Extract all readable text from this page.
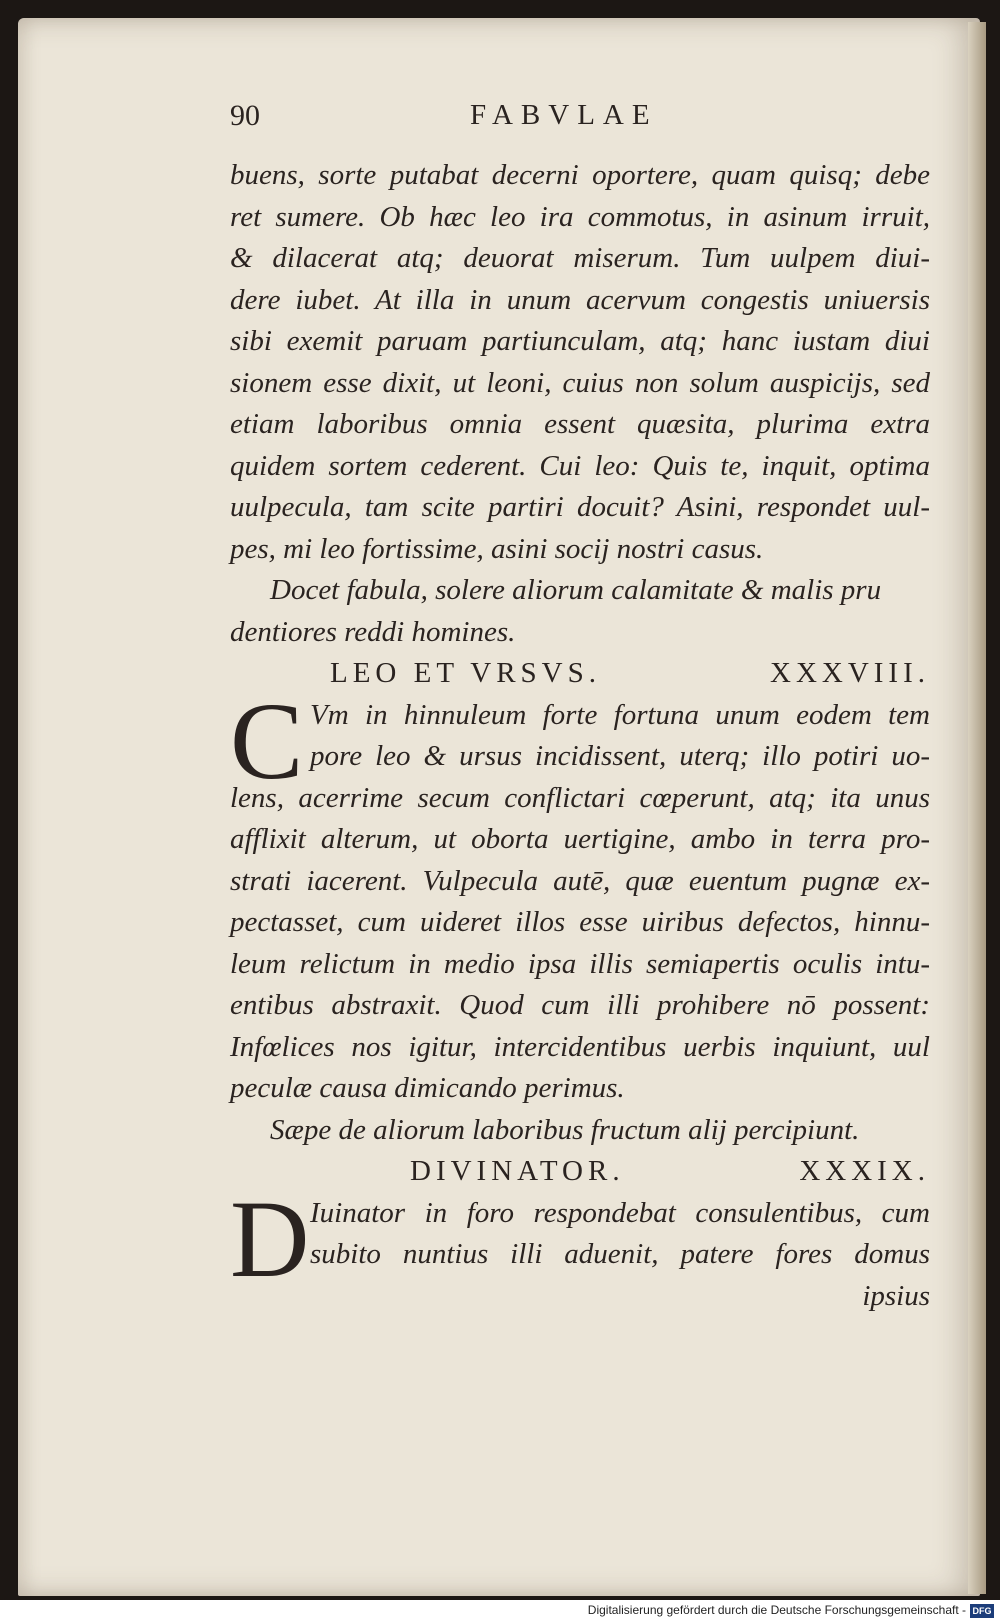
90	FABVLAE
buens, sorte putabat decerni oportere, quam quisq; debe
ret sumere. Ob hæc leo ira commotus, in asinum irruit,
& dilacerat atq; deuorat miserum. Tum uulpem diui-
dere iubet. At illa in unum acervum congestis uniuersis
sibi exemit paruam partiunculam, atq; hanc iustam diui
sionem esse dixit, ut leoni, cuius non solum auspicijs, sed
etiam laboribus omnia essent quæsita, plurima extra
quidem sortem cederent. Cui leo: Quis te, inquit, optima
uulpecula, tam scite partiri docuit? Asini, respondet uul-
pes, mi leo fortissime, asini socij nostri casus.
Docet fabula, solere aliorum calamitate & malis pru
dentiores reddi homines.
LEO ET VRSVS.	XXXVIII.
C Vm in hinnuleum forte fortuna unum eodem tem
pore leo & ursus incidissent, uterq; illo potiri uo-
lens, acerrime secum conflictari cœperunt, atq; ita unus
afflixit alterum, ut oborta uertigine, ambo in terra pro-
strati iacerent. Vulpecula autē, quæ euentum pugnæ ex-
pectasset, cum uideret illos esse uiribus defectos, hinnu-
leum relictum in medio ipsa illis semiapertis oculis intu-
entibus abstraxit. Quod cum illi prohibere nō possent:
Infœlices nos igitur, intercidentibus uerbis inquiunt, uul
peculæ causa dimicando perimus.
Sæpe de aliorum laboribus fructum alij percipiunt.
DIVINATOR.	XXXIX.
D Iuinator in foro respondebat consulentibus, cum
subito nuntius illi aduenit, patere fores domus
ipsius
Digitalisierung gefördert durch die Deutsche Forschungsgemeinschaft - DFG
